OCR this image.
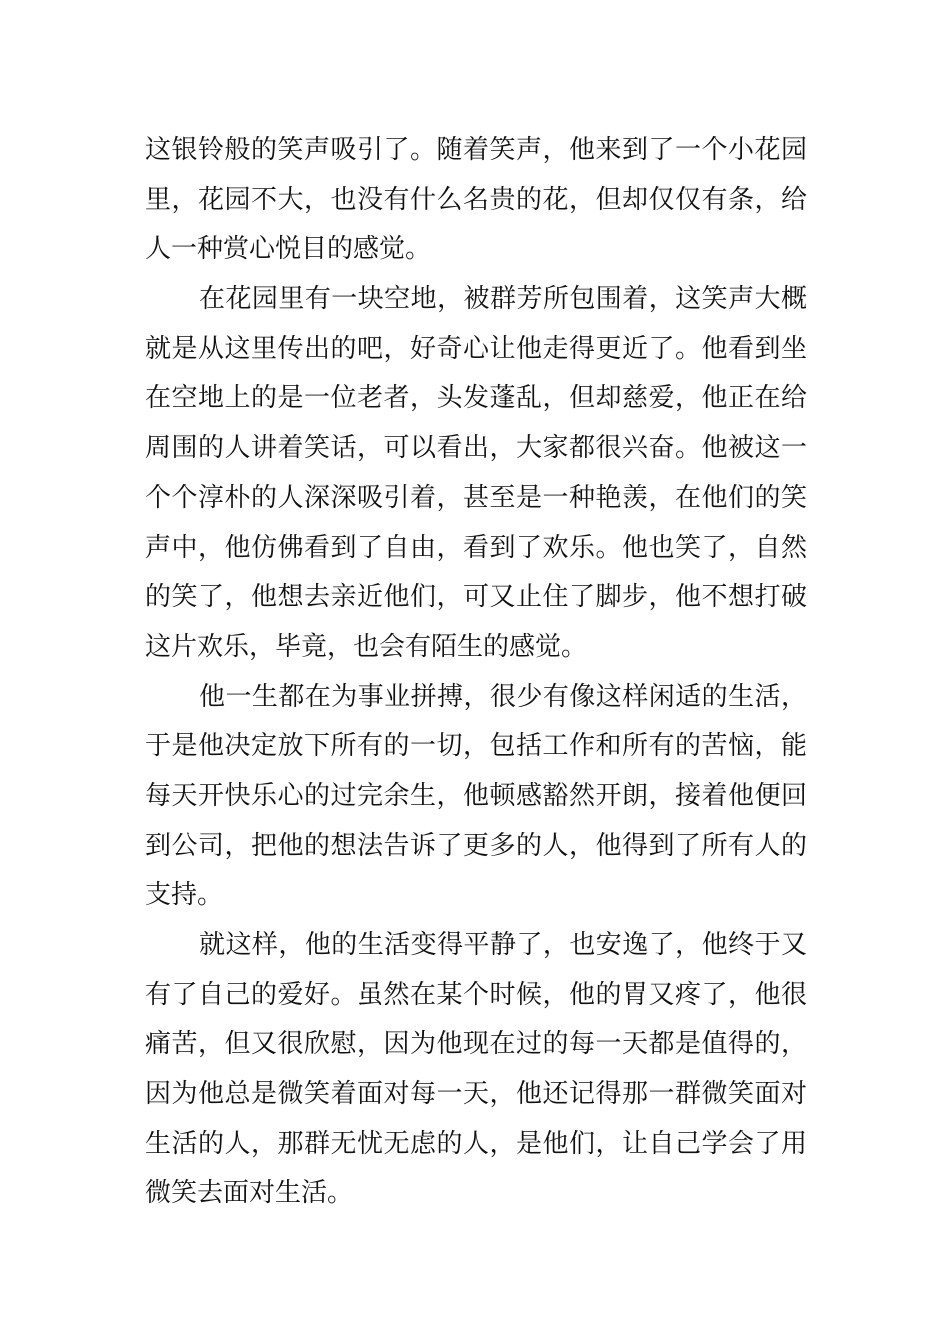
这银铃般的笑声吸引了。随着笑声，他来到了一个小花园
里，花园不大，也没有什么名贵的花，但却仅仅有条，给
人一种赏心悦目的感觉。
在花园里有一块空地，被群芳所包围着，这笑声大概
就是从这里传出的吧，好奇心让他走得更近了。他看到坐
在空地上的是一位老者，头发蓬乱，但却慈爱，他正在给
周围的人讲着笑话，可以看出，大家都很兴奋。他被这一
个个淳朴的人深深吸引着，甚至是一种艳羡，在他们的笑
声中，他仿佛看到了自由，看到了欢乐。他也笑了，自然
的笑了，他想去亲近他们，可又止住了脚步，他不想打破
这片欢乐，毕竟，也会有陌生的感觉。
他一生都在为事业拼搏，很少有像这样闲适的生活，
于是他决定放下所有的一切，包括工作和所有的苦恼，能
每天开快乐心的过完余生，他顿感豁然开朗，接着他便回
到公司，把他的想法告诉了更多的人，他得到了所有人的
支持。
就这样，他的生活变得平静了，也安逸了，他终于又
有了自己的爱好。虽然在某个时候，他的胃又疼了，他很
痛苦，但又很欣慰，因为他现在过的每一天都是值得的，
因为他总是微笑着面对每一天，他还记得那一群微笑面对
生活的人，那群无忧无虑的人，是他们，让自己学会了用
微笑去面对生活。
